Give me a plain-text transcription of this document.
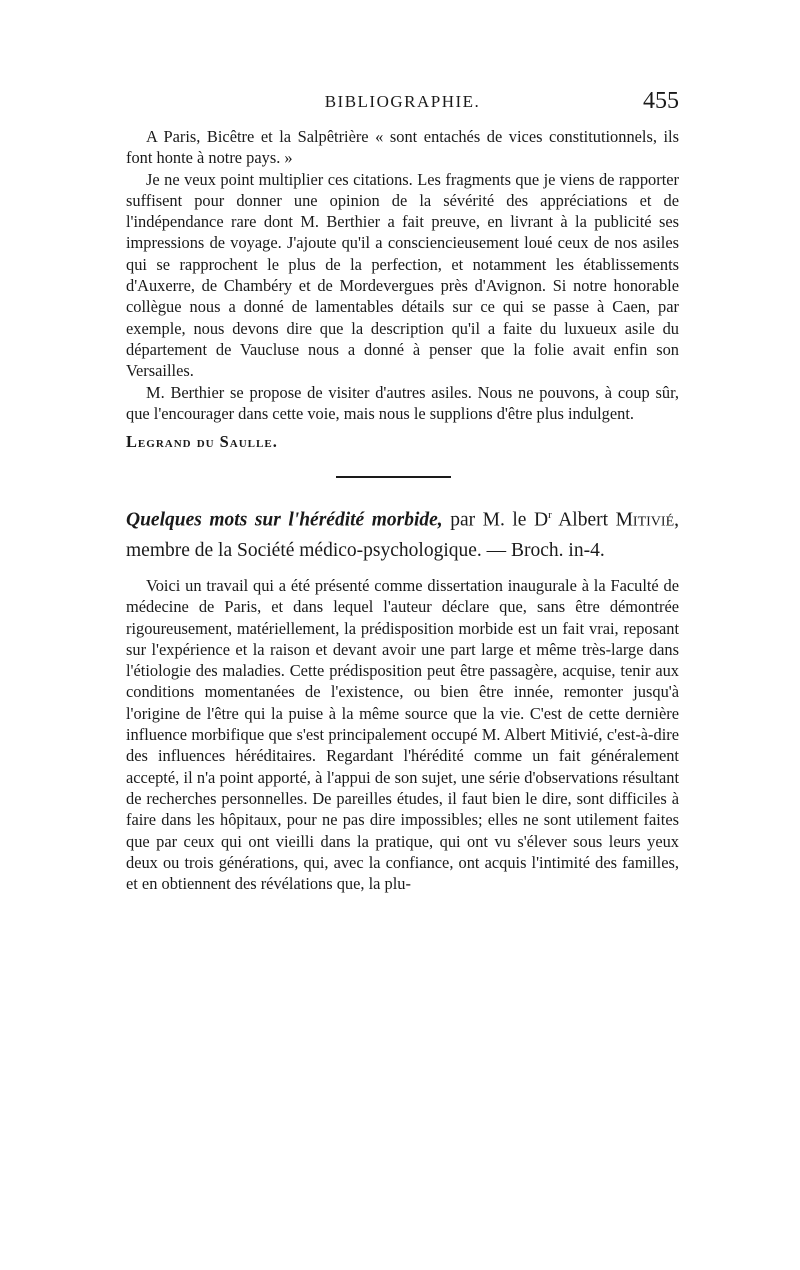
BIBLIOGRAPHIE.	455

A Paris, Bicêtre et la Salpêtrière « sont entachés de vices constitutionnels, ils font honte à notre pays. »

Je ne veux point multiplier ces citations. Les fragments que je viens de rapporter suffisent pour donner une opinion de la sévérité des appréciations et de l'indépendance rare dont M. Berthier a fait preuve, en livrant à la publicité ses impressions de voyage. J'ajoute qu'il a consciencieusement loué ceux de nos asiles qui se rapprochent le plus de la perfection, et notamment les établissements d'Auxerre, de Chambéry et de Mordevergues près d'Avignon. Si notre honorable collègue nous a donné de lamentables détails sur ce qui se passe à Caen, par exemple, nous devons dire que la description qu'il a faite du luxueux asile du département de Vaucluse nous a donné à penser que la folie avait enfin son Versailles.

M. Berthier se propose de visiter d'autres asiles. Nous ne pouvons, à coup sûr, que l'encourager dans cette voie, mais nous le supplions d'être plus indulgent.

Legrand du Saulle.

Quelques mots sur l'hérédité morbide, par M. le $D^r$ Albert Mitivié, membre de la Société médico-psychologique. — Broch. in-4.

Voici un travail qui a été présenté comme dissertation inaugurale à la Faculté de médecine de Paris, et dans lequel l'auteur déclare que, sans être démontrée rigoureusement, matériellement, la prédisposition morbide est un fait vrai, reposant sur l'expérience et la raison et devant avoir une part large et même très-large dans l'étiologie des maladies. Cette prédisposition peut être passagère, acquise, tenir aux conditions momentanées de l'existence, ou bien être innée, remonter jusqu'à l'origine de l'être qui la puise à la même source que la vie. C'est de cette dernière influence morbifique que s'est principalement occupé M. Albert Mitivié, c'est-à-dire des influences héréditaires. Regardant l'hérédité comme un fait généralement accepté, il n'a point apporté, à l'appui de son sujet, une série d'observations résultant de recherches personnelles. De pareilles études, il faut bien le dire, sont difficiles à faire dans les hôpitaux, pour ne pas dire impossibles; elles ne sont utilement faites que par ceux qui ont vieilli dans la pratique, qui ont vu s'élever sous leurs yeux deux ou trois générations, qui, avec la confiance, ont acquis l'intimité des familles, et en obtiennent des révélations que, la plu-
